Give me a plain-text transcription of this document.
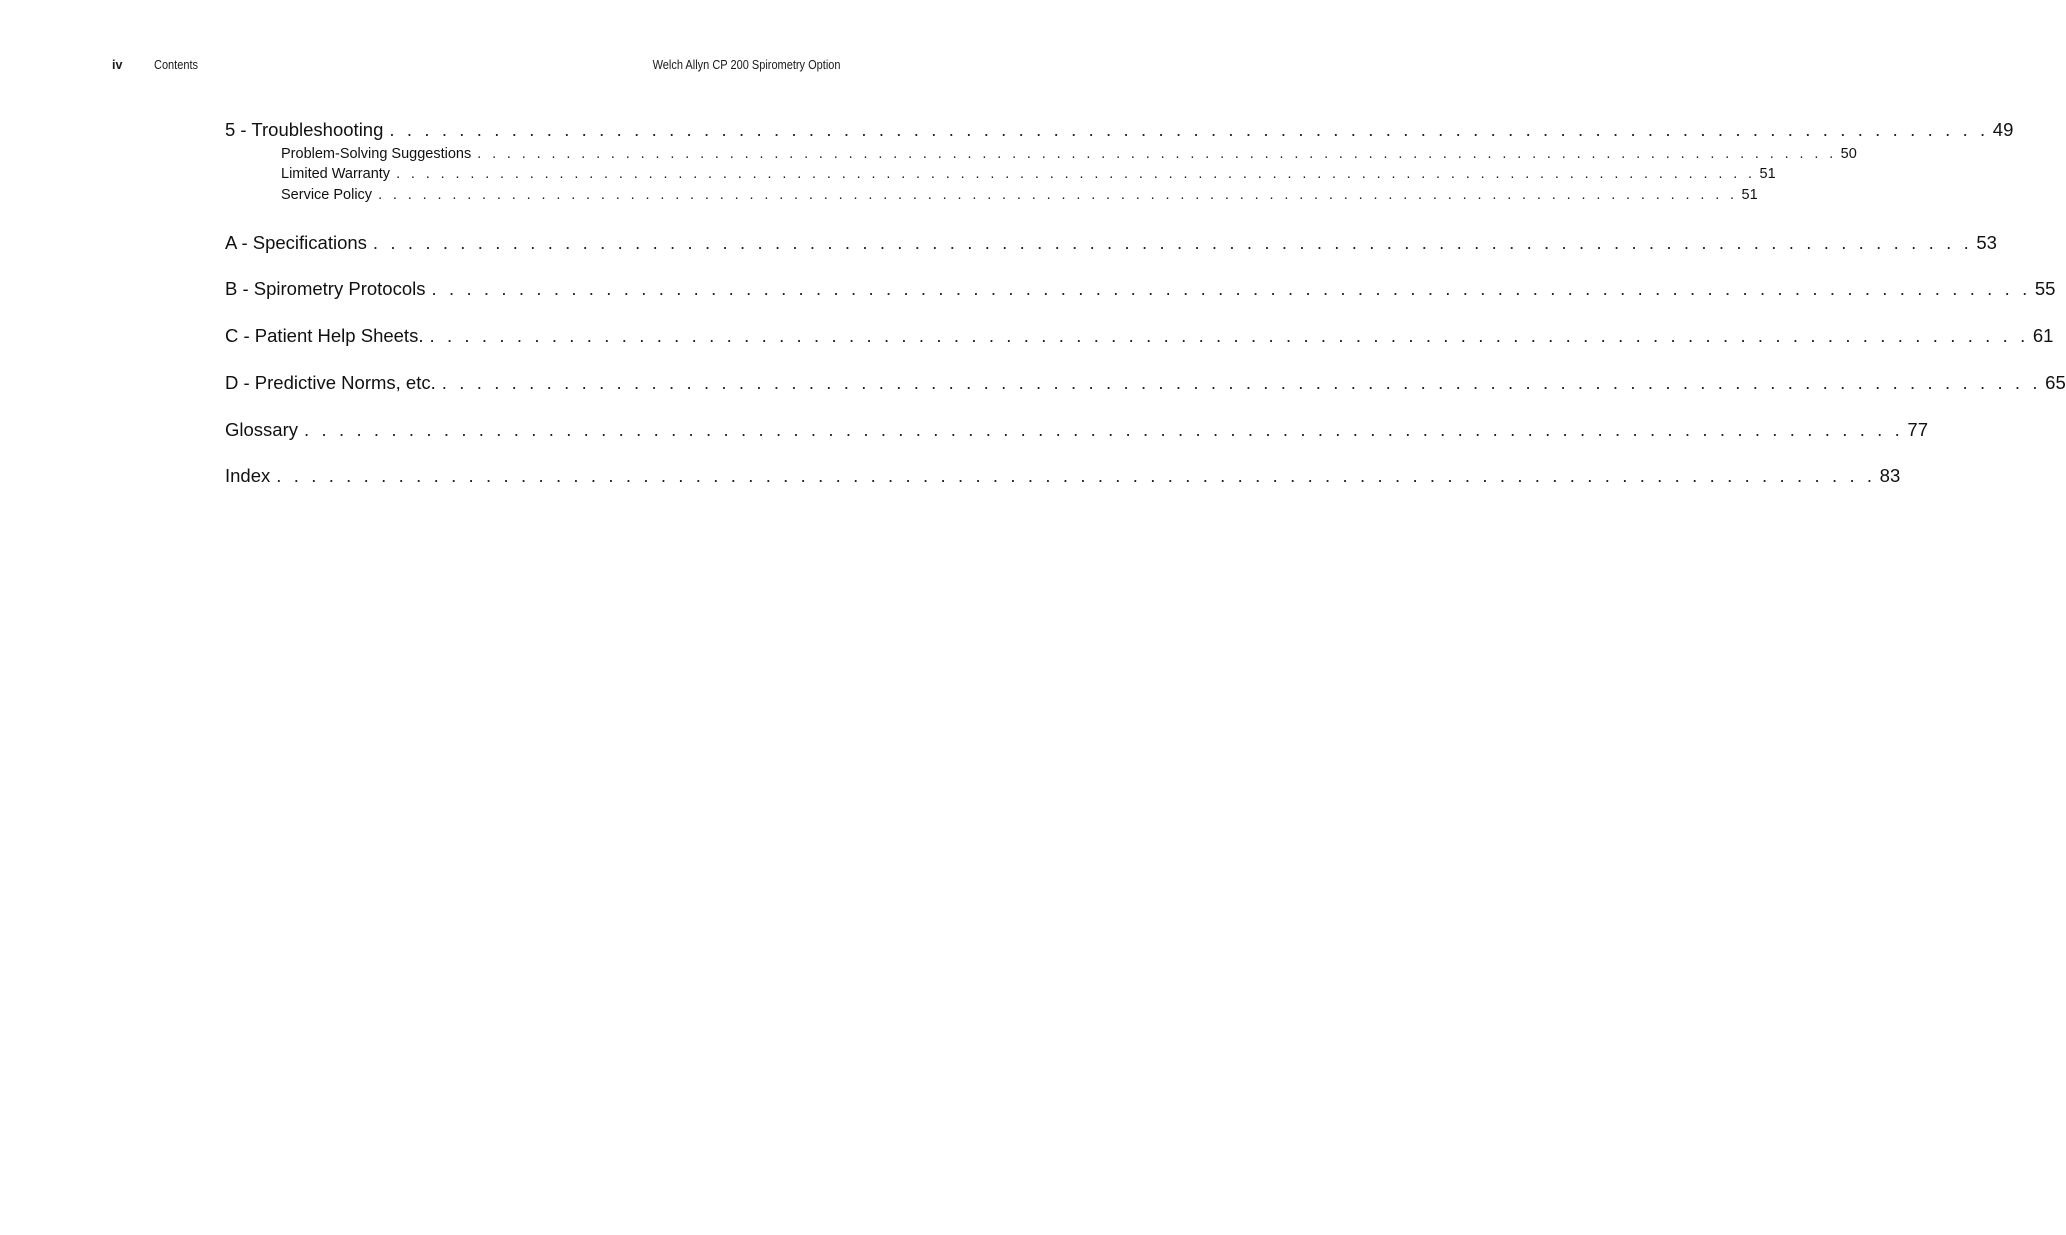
iv	Contents	Welch Allyn CP 200 Spirometry Option
5 - Troubleshooting . . . . . . . . . . . . . . . . . . . . . . . . . . . . . . . . . . . . . . . . . . . . . . . . . . . . . . . . . . . . . . . . . . . . . . . . . . . . . . . . . . . . . . . . . . . . 49
Problem-Solving Suggestions . . . . . . . . . . . . . . . . . . . . . . . . . . . . . . . . . . . . . . . . . . . . . . . . . . . . . . . . . . . . . . . . . . . . . . . . . . . . . . . . . . . . . . . . . . . . 50
Limited Warranty . . . . . . . . . . . . . . . . . . . . . . . . . . . . . . . . . . . . . . . . . . . . . . . . . . . . . . . . . . . . . . . . . . . . . . . . . . . . . . . . . . . . . . . . . . . . 51
Service Policy . . . . . . . . . . . . . . . . . . . . . . . . . . . . . . . . . . . . . . . . . . . . . . . . . . . . . . . . . . . . . . . . . . . . . . . . . . . . . . . . . . . . . . . . . . . . 51
A - Specifications . . . . . . . . . . . . . . . . . . . . . . . . . . . . . . . . . . . . . . . . . . . . . . . . . . . . . . . . . . . . . . . . . . . . . . . . . . . . . . . . . . . . . . . . . . . . 53
B - Spirometry Protocols . . . . . . . . . . . . . . . . . . . . . . . . . . . . . . . . . . . . . . . . . . . . . . . . . . . . . . . . . . . . . . . . . . . . . . . . . . . . . . . . . . . . . . . . . . . . 55
C - Patient Help Sheets. . . . . . . . . . . . . . . . . . . . . . . . . . . . . . . . . . . . . . . . . . . . . . . . . . . . . . . . . . . . . . . . . . . . . . . . . . . . . . . . . . . . . . . . . . . . . 61
D - Predictive Norms, etc. . . . . . . . . . . . . . . . . . . . . . . . . . . . . . . . . . . . . . . . . . . . . . . . . . . . . . . . . . . . . . . . . . . . . . . . . . . . . . . . . . . . . . . . . . . . . 65
Glossary . . . . . . . . . . . . . . . . . . . . . . . . . . . . . . . . . . . . . . . . . . . . . . . . . . . . . . . . . . . . . . . . . . . . . . . . . . . . . . . . . . . . . . . . . . . . 77
Index . . . . . . . . . . . . . . . . . . . . . . . . . . . . . . . . . . . . . . . . . . . . . . . . . . . . . . . . . . . . . . . . . . . . . . . . . . . . . . . . . . . . . . . . . . . . 83
